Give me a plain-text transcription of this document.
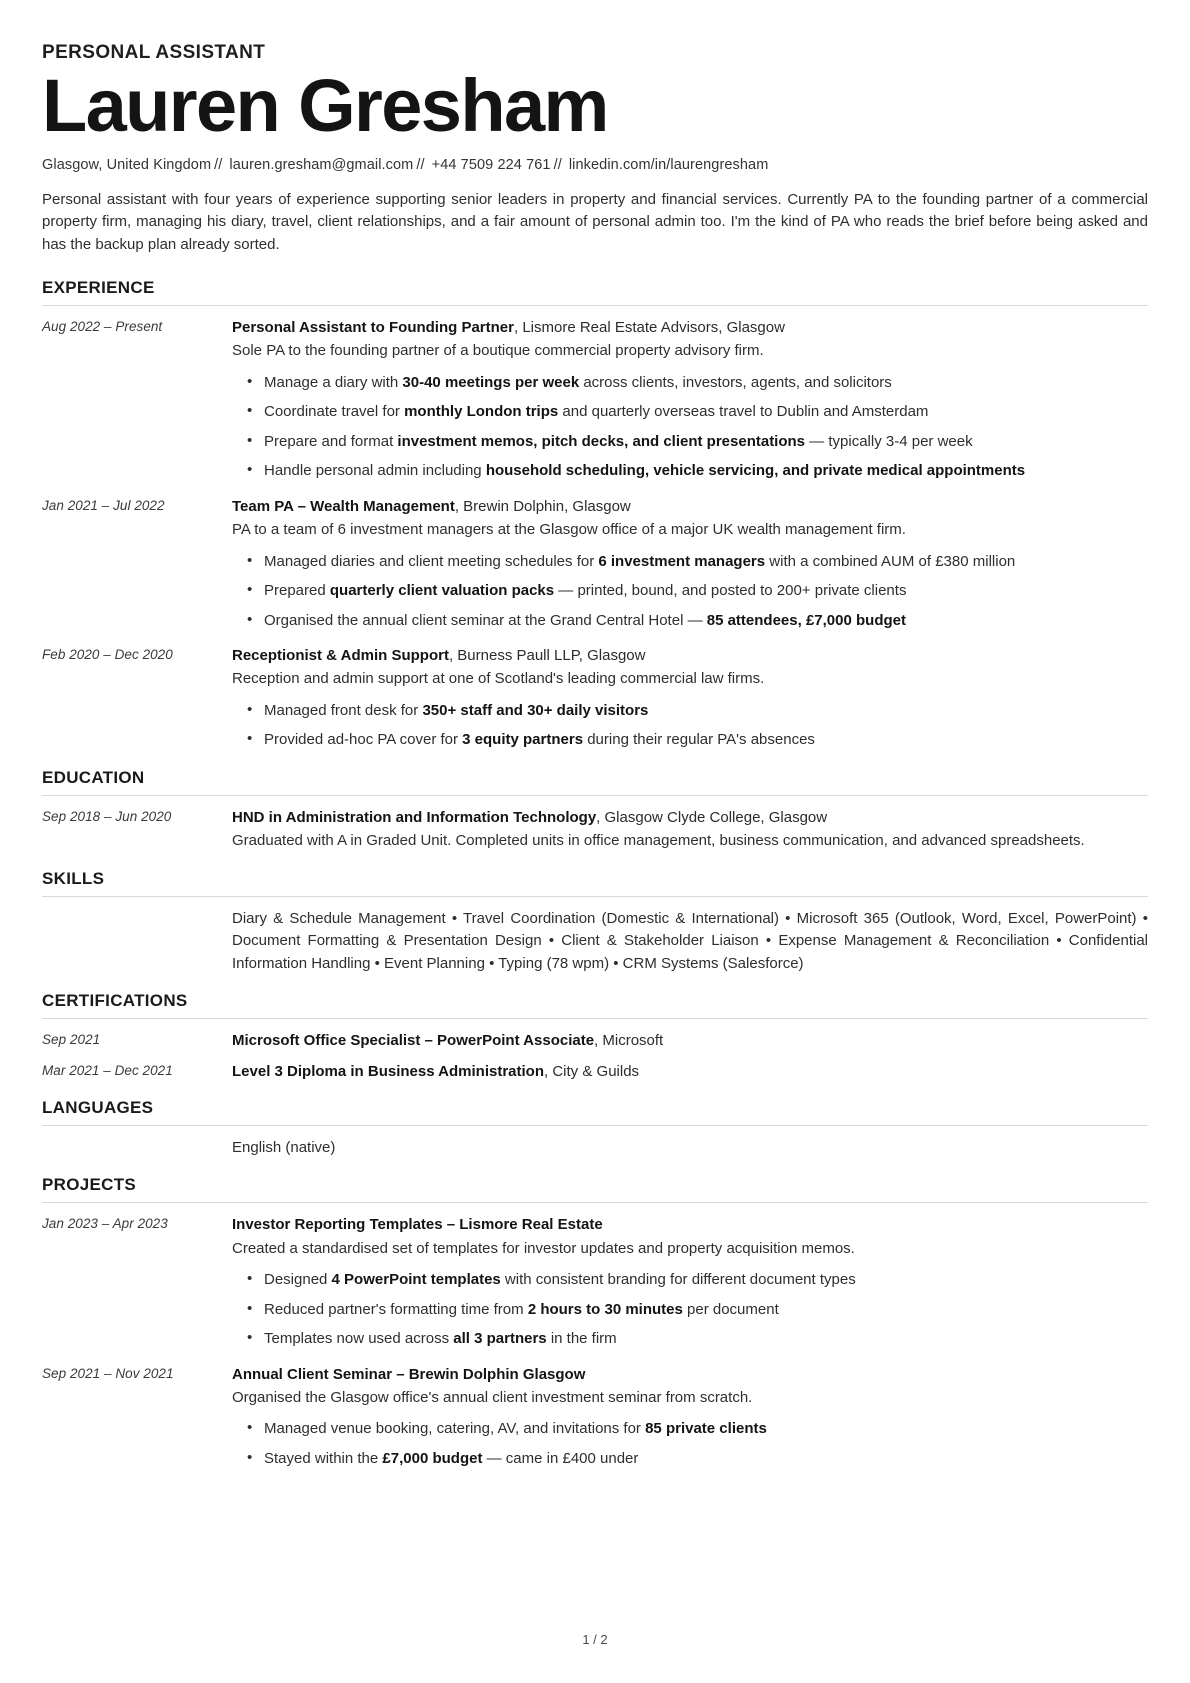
PERSONAL ASSISTANT
Lauren Gresham
Glasgow, United Kingdom // lauren.gresham@gmail.com // +44 7509 224 761 // linkedin.com/in/laurengresham
Personal assistant with four years of experience supporting senior leaders in property and financial services. Currently PA to the founding partner of a commercial property firm, managing his diary, travel, client relationships, and a fair amount of personal admin too. I'm the kind of PA who reads the brief before being asked and has the backup plan already sorted.
EXPERIENCE
Aug 2022 – Present	Personal Assistant to Founding Partner, Lismore Real Estate Advisors, Glasgow
Sole PA to the founding partner of a boutique commercial property advisory firm.
• Manage a diary with 30-40 meetings per week across clients, investors, agents, and solicitors
• Coordinate travel for monthly London trips and quarterly overseas travel to Dublin and Amsterdam
• Prepare and format investment memos, pitch decks, and client presentations — typically 3-4 per week
• Handle personal admin including household scheduling, vehicle servicing, and private medical appointments
Jan 2021 – Jul 2022	Team PA – Wealth Management, Brewin Dolphin, Glasgow
PA to a team of 6 investment managers at the Glasgow office of a major UK wealth management firm.
• Managed diaries and client meeting schedules for 6 investment managers with a combined AUM of £380 million
• Prepared quarterly client valuation packs — printed, bound, and posted to 200+ private clients
• Organised the annual client seminar at the Grand Central Hotel — 85 attendees, £7,000 budget
Feb 2020 – Dec 2020	Receptionist & Admin Support, Burness Paull LLP, Glasgow
Reception and admin support at one of Scotland's leading commercial law firms.
• Managed front desk for 350+ staff and 30+ daily visitors
• Provided ad-hoc PA cover for 3 equity partners during their regular PA's absences
EDUCATION
Sep 2018 – Jun 2020	HND in Administration and Information Technology, Glasgow Clyde College, Glasgow
Graduated with A in Graded Unit. Completed units in office management, business communication, and advanced spreadsheets.
SKILLS
Diary & Schedule Management • Travel Coordination (Domestic & International) • Microsoft 365 (Outlook, Word, Excel, PowerPoint) • Document Formatting & Presentation Design • Client & Stakeholder Liaison • Expense Management & Reconciliation • Confidential Information Handling • Event Planning • Typing (78 wpm) • CRM Systems (Salesforce)
CERTIFICATIONS
Sep 2021	Microsoft Office Specialist – PowerPoint Associate, Microsoft
Mar 2021 – Dec 2021	Level 3 Diploma in Business Administration, City & Guilds
LANGUAGES
English (native)
PROJECTS
Jan 2023 – Apr 2023	Investor Reporting Templates – Lismore Real Estate
Created a standardised set of templates for investor updates and property acquisition memos.
• Designed 4 PowerPoint templates with consistent branding for different document types
• Reduced partner's formatting time from 2 hours to 30 minutes per document
• Templates now used across all 3 partners in the firm
Sep 2021 – Nov 2021	Annual Client Seminar – Brewin Dolphin Glasgow
Organised the Glasgow office's annual client investment seminar from scratch.
• Managed venue booking, catering, AV, and invitations for 85 private clients
• Stayed within the £7,000 budget — came in £400 under
1 / 2
